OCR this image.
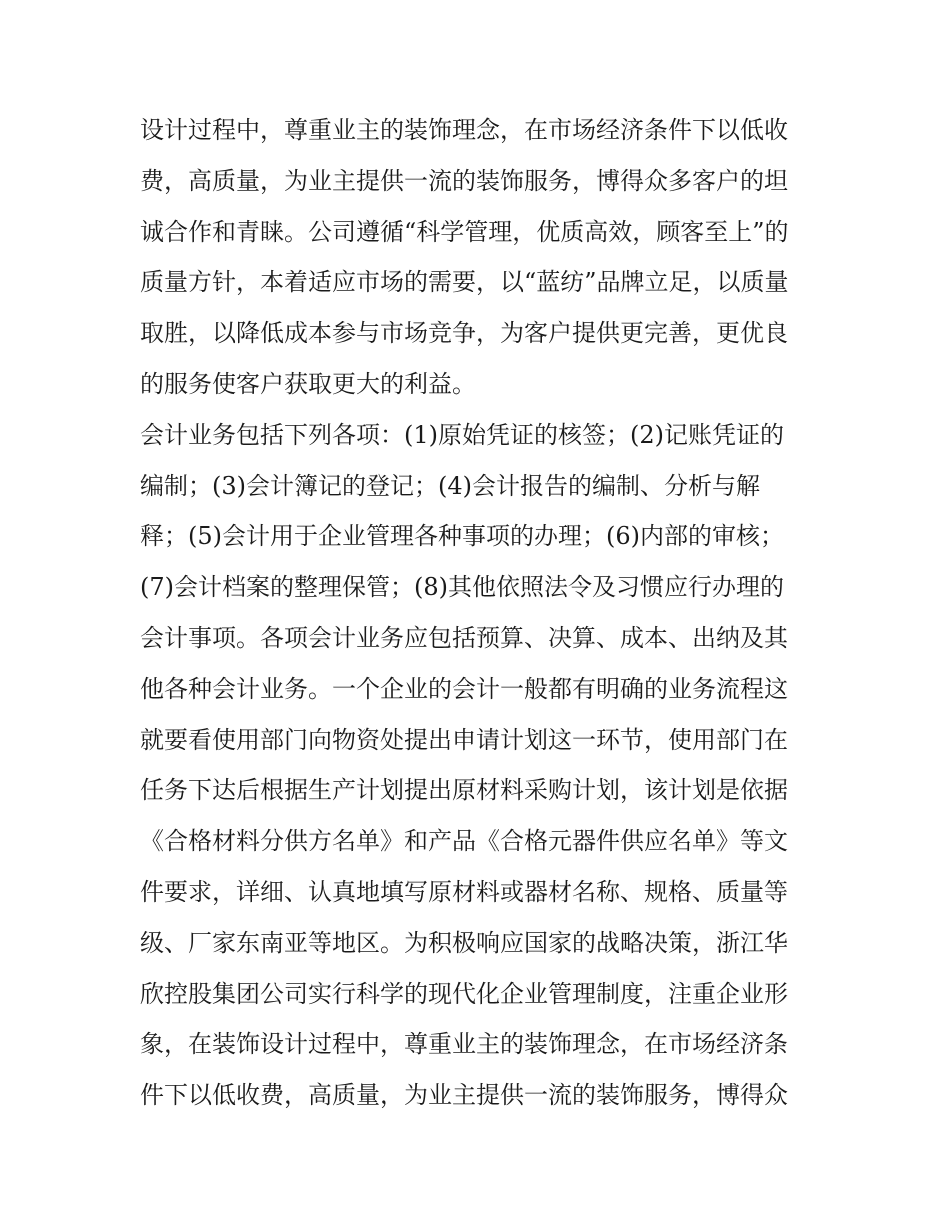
设计过程中，尊重业主的装饰理念，在市场经济条件下以低收
费，高质量，为业主提供一流的装饰服务，博得众多客户的坦
诚合作和青睐。公司遵循“科学管理，优质高效，顾客至上”的
质量方针，本着适应市场的需要，以“蓝纺”品牌立足，以质量
取胜，以降低成本参与市场竞争，为客户提供更完善，更优良
的服务使客户获取更大的利益。
会计业务包括下列各项：(1)原始凭证的核签；(2)记账凭证的
编制；(3)会计簿记的登记；(4)会计报告的编制、分析与解
释；(5)会计用于企业管理各种事项的办理；(6)内部的审核；
(7)会计档案的整理保管；(8)其他依照法令及习惯应行办理的
会计事项。各项会计业务应包括预算、决算、成本、出纳及其
他各种会计业务。一个企业的会计一般都有明确的业务流程这
就要看使用部门向物资处提出申请计划这一环节，使用部门在
任务下达后根据生产计划提出原材料采购计划，该计划是依据
《合格材料分供方名单》和产品《合格元器件供应名单》等文
件要求，详细、认真地填写原材料或器材名称、规格、质量等
级、厂家东南亚等地区。为积极响应国家的战略决策，浙江华
欣控股集团公司实行科学的现代化企业管理制度，注重企业形
象，在装饰设计过程中，尊重业主的装饰理念，在市场经济条
件下以低收费，高质量，为业主提供一流的装饰服务，博得众
